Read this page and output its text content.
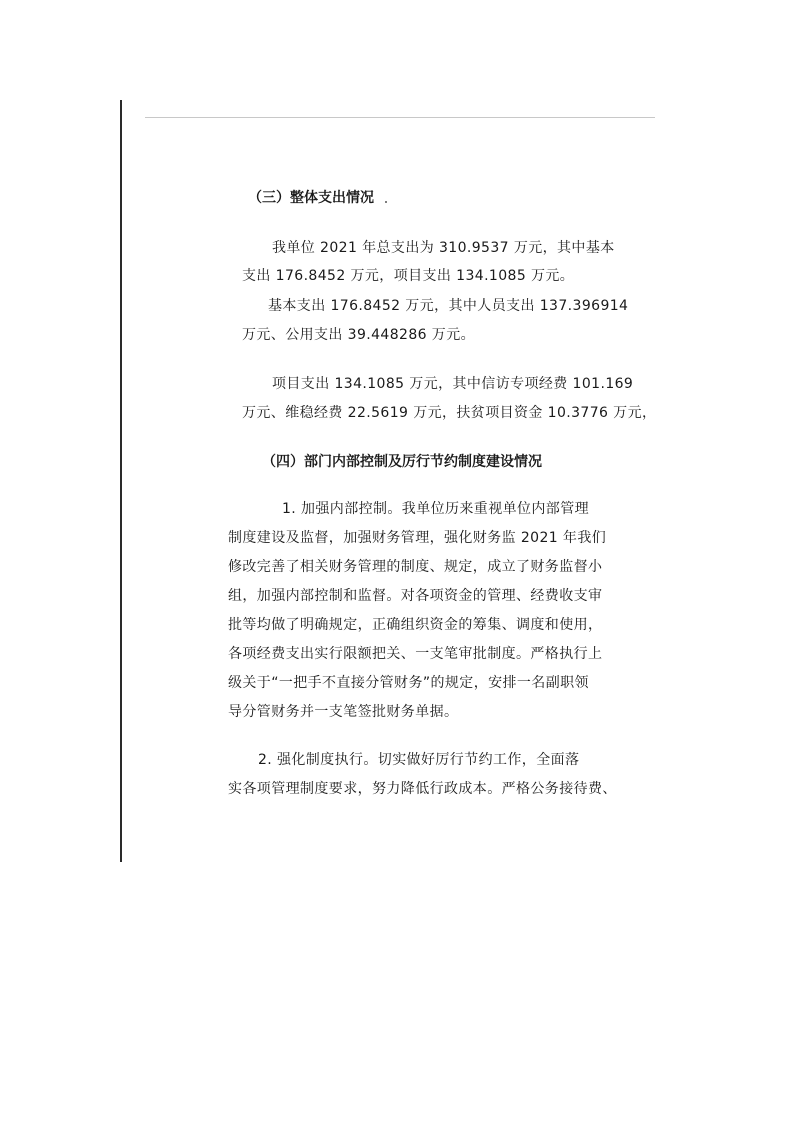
（三）整体支出情况
我单位 2021 年总支出为 310.9537 万元，其中基本
支出 176.8452 万元，项目支出 134.1085 万元。
基本支出 176.8452 万元，其中人员支出 137.396914
万元、公用支出 39.448286 万元。
项目支出 134.1085 万元，其中信访专项经费 101.169
万元、维稳经费 22.5619 万元，扶贫项目资金 10.3776 万元，
（四）部门内部控制及厉行节约制度建设情况
1. 加强内部控制。我单位历来重视单位内部管理
制度建设及监督，加强财务管理，强化财务监 2021 年我们
修改完善了相关财务管理的制度、规定，成立了财务监督小
组，加强内部控制和监督。对各项资金的管理、经费收支审
批等均做了明确规定，正确组织资金的筹集、调度和使用，
各项经费支出实行限额把关、一支笔审批制度。严格执行上
级关于“一把手不直接分管财务”的规定，安排一名副职领
导分管财务并一支笔签批财务单据。
2. 强化制度执行。切实做好厉行节约工作，全面落
实各项管理制度要求，努力降低行政成本。严格公务接待费、
